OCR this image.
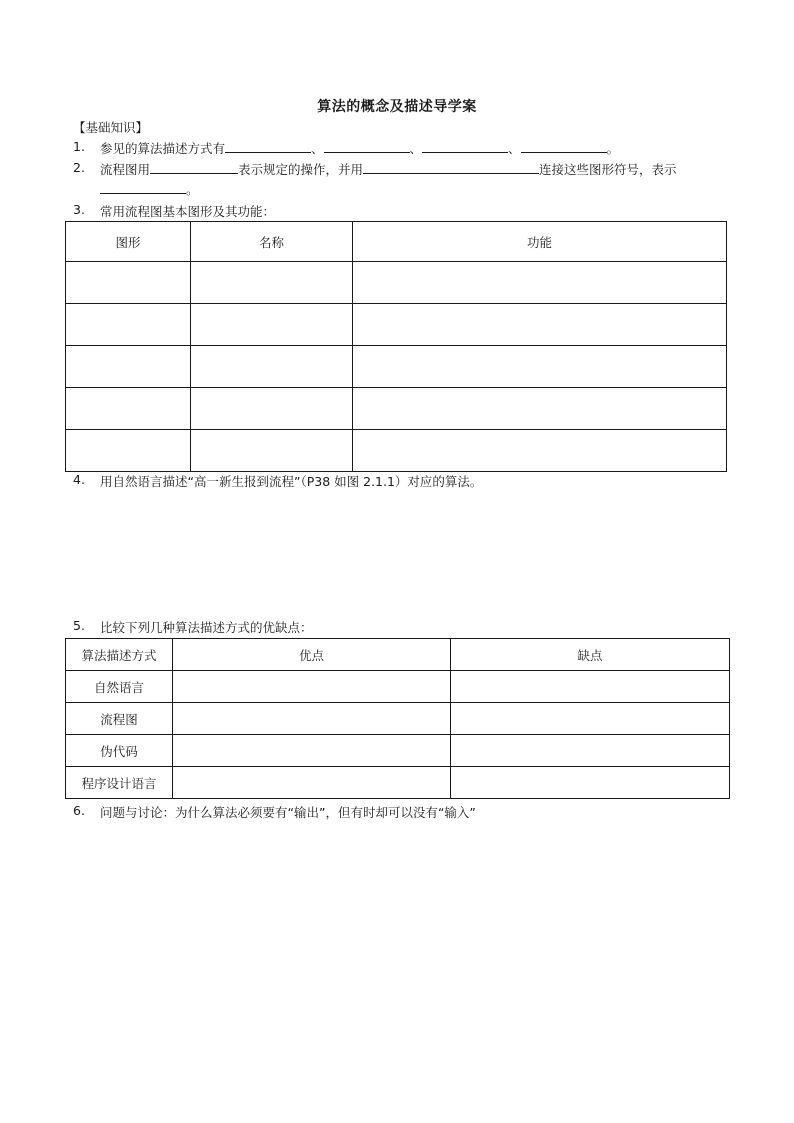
算法的概念及描述导学案
【基础知识】
1. 参见的算法描述方式有	、	、	、	。
2. 流程图用	表示规定的操作，并用	连接这些图形符号，表示
。
3. 常用流程图基本图形及其功能：
图形	名称	功能

4. 用自然语言描述“高一新生报到流程”（P38 如图 2.1.1）对应的算法。
5. 比较下列几种算法描述方式的优缺点：
算法描述方式	优点	缺点
自然语言		
流程图		
伪代码		
程序设计语言		
6. 问题与讨论：为什么算法必须要有“输出”，但有时却可以没有“输入”
